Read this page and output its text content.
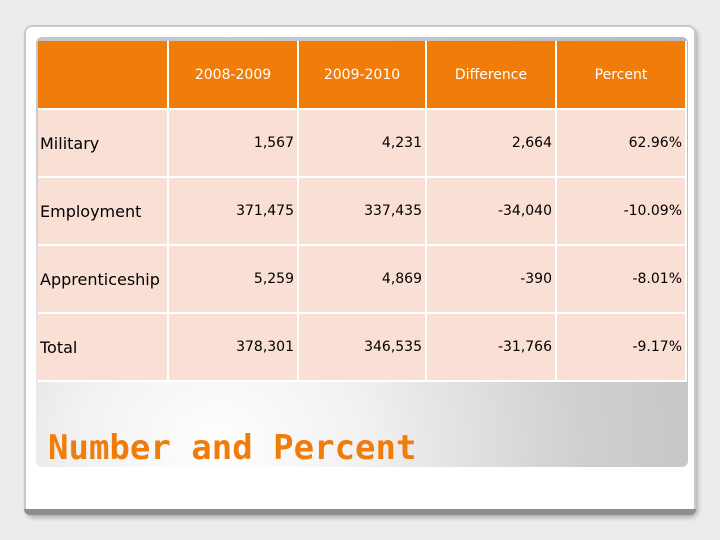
	2008-2009	2009-2010	Difference	Percent
Military	1,567	4,231	2,664	62.96%
Employment	371,475	337,435	-34,040	-10.09%
Apprenticeship	5,259	4,869	-390	-8.01%
Total	378,301	346,535	-31,766	-9.17%
Number and Percent
